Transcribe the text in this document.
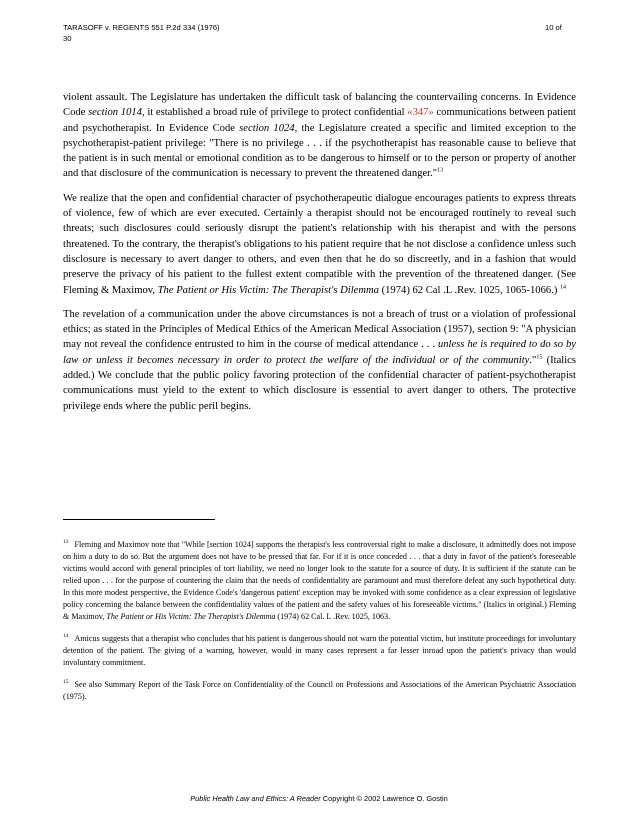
TARASOFF v. REGENTS 551 P.2d 334 (1976)	10 of
30

violent assault. The Legislature has undertaken the difficult task of balancing the countervailing concerns. In Evidence Code section 1014, it established a broad rule of privilege to protect confidential «347» communications between patient and psychotherapist. In Evidence Code section 1024, the Legislature created a specific and limited exception to the psychotherapist-patient privilege: "There is no privilege . . . if the psychotherapist has reasonable cause to believe that the patient is in such mental or emotional condition as to be dangerous to himself or to the person or property of another and that disclosure of the communication is necessary to prevent the threatened danger."$^{13}$

We realize that the open and confidential character of psychotherapeutic dialogue encourages patients to express threats of violence, few of which are ever executed. Certainly a therapist should not be encouraged routinely to reveal such threats; such disclosures could seriously disrupt the patient's relationship with his therapist and with the persons threatened. To the contrary, the therapist's obligations to his patient require that he not disclose a confidence unless such disclosure is necessary to avert danger to others, and even then that he do so discreetly, and in a fashion that would preserve the privacy of his patient to the fullest extent compatible with the prevention of the threatened danger. (See Fleming & Maximov, The Patient or His Victim: The Therapist's Dilemma (1974) 62 Cal .L .Rev. 1025, 1065-1066.) $^{14}$

The revelation of a communication under the above circumstances is not a breach of trust or a violation of professional ethics; as stated in the Principles of Medical Ethics of the American Medical Association (1957), section 9: "A physician may not reveal the confidence entrusted to him in the course of medical attendance . . . unless he is required to do so by law or unless it becomes necessary in order to protect the welfare of the individual or of the community."$^{15}$ (Italics added.) We conclude that the public policy favoring protection of the confidential character of patient-psychotherapist communications must yield to the extent to which disclosure is essential to avert danger to others. The protective privilege ends where the public peril begins.

$^{13}$ Fleming and Maximov note that "While [section 1024] supports the therapist's less controversial right to make a disclosure, it admittedly does not impose on him a duty to do so. But the argument does not have to be pressed that far. For if it is once conceded . . . that a duty in favor of the patient's foreseeable victims would accord with general principles of tort liability, we need no longer look to the statute for a source of duty. It is sufficient if the statute can be relied upon . . . for the purpose of countering the claim that the needs of confidentiality are paramount and must therefore defeat any such hypothetical duty. In this more modest perspective, the Evidence Code's 'dangerous patient' exception may be invoked with some confidence as a clear expression of legislative policy concerning the balance between the confidentiality values of the patient and the safety values of his foreseeable victims." (Italics in original.) Fleming & Maximov, The Patient or His Victim: The Therapist's Dilemma (1974) 62 Cal. L .Rev. 1025, 1063.

$^{14}$ Amicus suggests that a therapist who concludes that his patient is dangerous should not warn the potential victim, but institute proceedings for involuntary detention of the patient. The giving of a warning, however, would in many cases represent a far lesser inroad upon the patient's privacy than would involuntary commitment.

$^{15}$ See also Summary Report of the Task Force on Confidentiality of the Council on Professions and Associations of the American Psychiatric Association (1975).

Public Health Law and Ethics: A Reader Copyright © 2002 Lawrence O. Gostin
